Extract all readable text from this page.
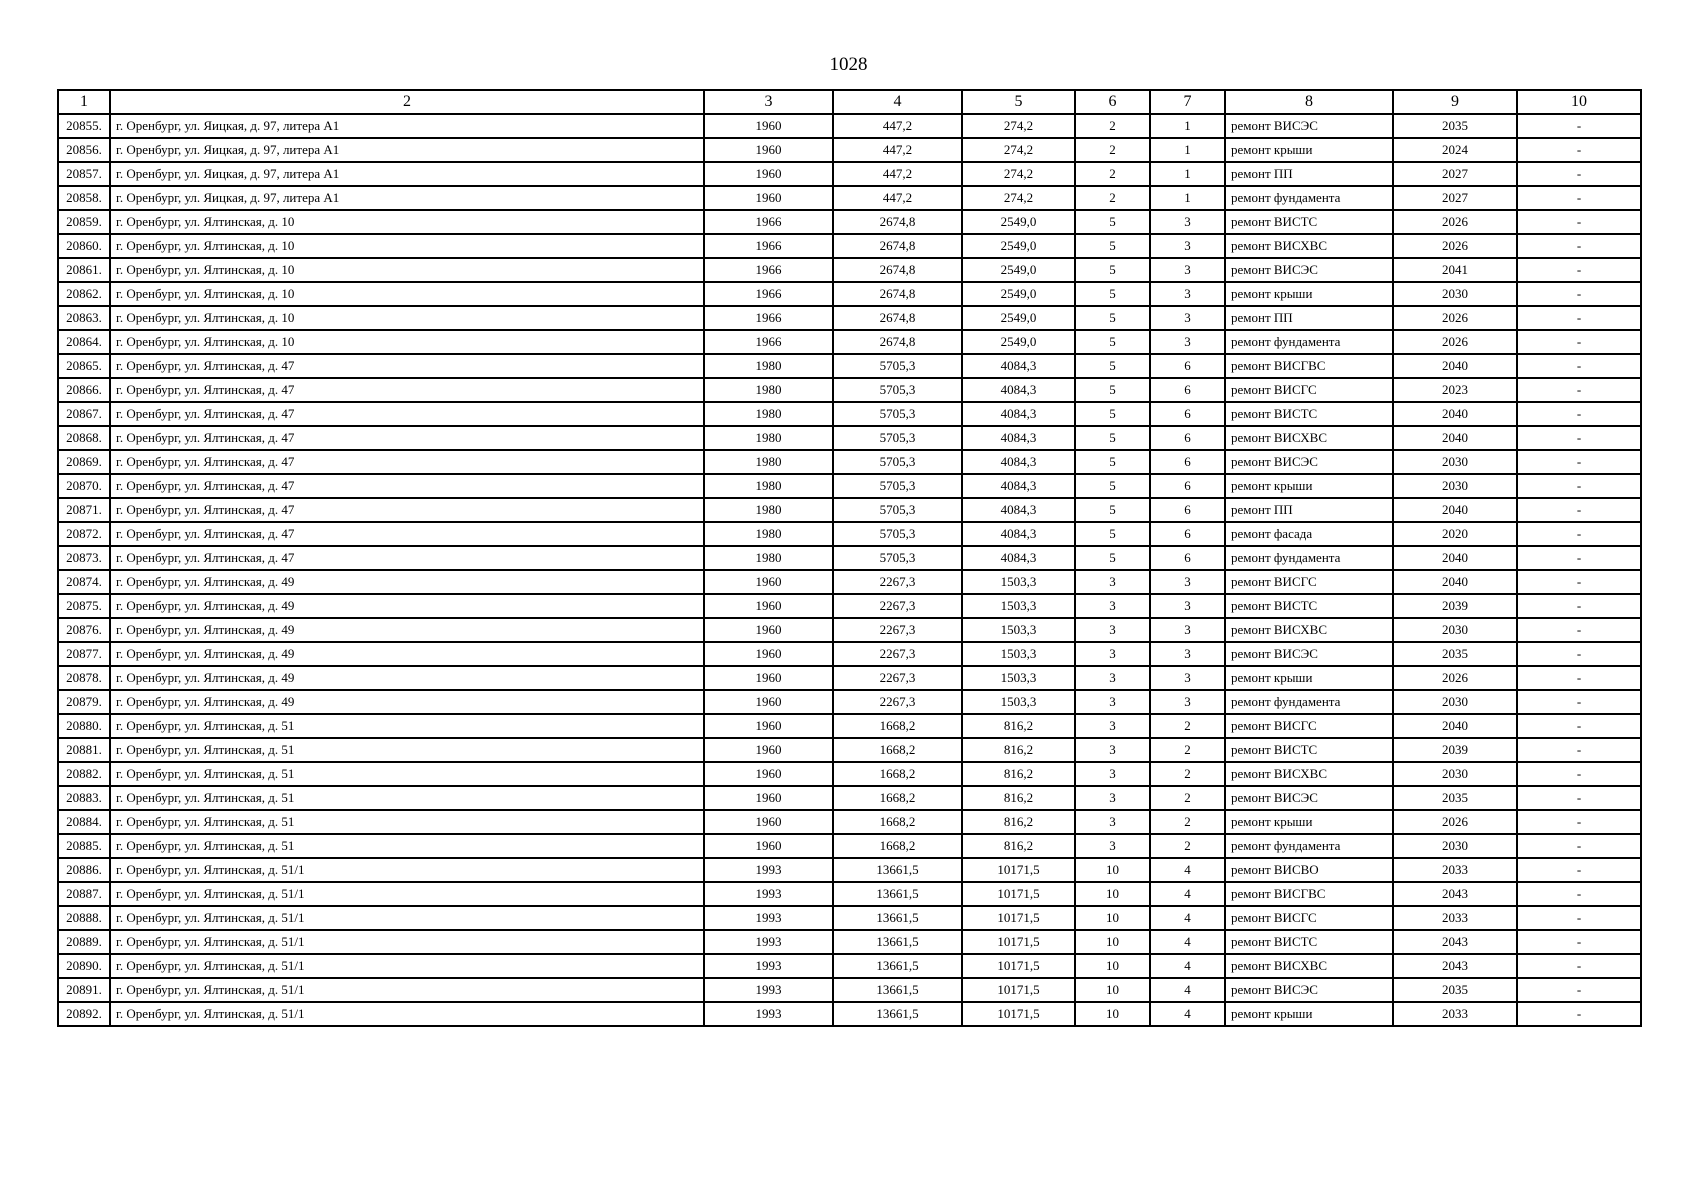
1028
1	2	3	4	5	6	7	8	9	10
20855.	г. Оренбург, ул. Яицкая, д. 97, литера А1	1960	447,2	274,2	2	1	ремонт ВИСЭС	2035	-
20856.	г. Оренбург, ул. Яицкая, д. 97, литера А1	1960	447,2	274,2	2	1	ремонт крыши	2024	-
20857.	г. Оренбург, ул. Яицкая, д. 97, литера А1	1960	447,2	274,2	2	1	ремонт ПП	2027	-
20858.	г. Оренбург, ул. Яицкая, д. 97, литера А1	1960	447,2	274,2	2	1	ремонт фундамента	2027	-
20859.	г. Оренбург, ул. Ялтинская, д. 10	1966	2674,8	2549,0	5	3	ремонт ВИСТС	2026	-
20860.	г. Оренбург, ул. Ялтинская, д. 10	1966	2674,8	2549,0	5	3	ремонт ВИСХВС	2026	-
20861.	г. Оренбург, ул. Ялтинская, д. 10	1966	2674,8	2549,0	5	3	ремонт ВИСЭС	2041	-
20862.	г. Оренбург, ул. Ялтинская, д. 10	1966	2674,8	2549,0	5	3	ремонт крыши	2030	-
20863.	г. Оренбург, ул. Ялтинская, д. 10	1966	2674,8	2549,0	5	3	ремонт ПП	2026	-
20864.	г. Оренбург, ул. Ялтинская, д. 10	1966	2674,8	2549,0	5	3	ремонт фундамента	2026	-
20865.	г. Оренбург, ул. Ялтинская, д. 47	1980	5705,3	4084,3	5	6	ремонт ВИСГВС	2040	-
20866.	г. Оренбург, ул. Ялтинская, д. 47	1980	5705,3	4084,3	5	6	ремонт ВИСГС	2023	-
20867.	г. Оренбург, ул. Ялтинская, д. 47	1980	5705,3	4084,3	5	6	ремонт ВИСТС	2040	-
20868.	г. Оренбург, ул. Ялтинская, д. 47	1980	5705,3	4084,3	5	6	ремонт ВИСХВС	2040	-
20869.	г. Оренбург, ул. Ялтинская, д. 47	1980	5705,3	4084,3	5	6	ремонт ВИСЭС	2030	-
20870.	г. Оренбург, ул. Ялтинская, д. 47	1980	5705,3	4084,3	5	6	ремонт крыши	2030	-
20871.	г. Оренбург, ул. Ялтинская, д. 47	1980	5705,3	4084,3	5	6	ремонт ПП	2040	-
20872.	г. Оренбург, ул. Ялтинская, д. 47	1980	5705,3	4084,3	5	6	ремонт фасада	2020	-
20873.	г. Оренбург, ул. Ялтинская, д. 47	1980	5705,3	4084,3	5	6	ремонт фундамента	2040	-
20874.	г. Оренбург, ул. Ялтинская, д. 49	1960	2267,3	1503,3	3	3	ремонт ВИСГС	2040	-
20875.	г. Оренбург, ул. Ялтинская, д. 49	1960	2267,3	1503,3	3	3	ремонт ВИСТС	2039	-
20876.	г. Оренбург, ул. Ялтинская, д. 49	1960	2267,3	1503,3	3	3	ремонт ВИСХВС	2030	-
20877.	г. Оренбург, ул. Ялтинская, д. 49	1960	2267,3	1503,3	3	3	ремонт ВИСЭС	2035	-
20878.	г. Оренбург, ул. Ялтинская, д. 49	1960	2267,3	1503,3	3	3	ремонт крыши	2026	-
20879.	г. Оренбург, ул. Ялтинская, д. 49	1960	2267,3	1503,3	3	3	ремонт фундамента	2030	-
20880.	г. Оренбург, ул. Ялтинская, д. 51	1960	1668,2	816,2	3	2	ремонт ВИСГС	2040	-
20881.	г. Оренбург, ул. Ялтинская, д. 51	1960	1668,2	816,2	3	2	ремонт ВИСТС	2039	-
20882.	г. Оренбург, ул. Ялтинская, д. 51	1960	1668,2	816,2	3	2	ремонт ВИСХВС	2030	-
20883.	г. Оренбург, ул. Ялтинская, д. 51	1960	1668,2	816,2	3	2	ремонт ВИСЭС	2035	-
20884.	г. Оренбург, ул. Ялтинская, д. 51	1960	1668,2	816,2	3	2	ремонт крыши	2026	-
20885.	г. Оренбург, ул. Ялтинская, д. 51	1960	1668,2	816,2	3	2	ремонт фундамента	2030	-
20886.	г. Оренбург, ул. Ялтинская, д. 51/1	1993	13661,5	10171,5	10	4	ремонт ВИСВО	2033	-
20887.	г. Оренбург, ул. Ялтинская, д. 51/1	1993	13661,5	10171,5	10	4	ремонт ВИСГВС	2043	-
20888.	г. Оренбург, ул. Ялтинская, д. 51/1	1993	13661,5	10171,5	10	4	ремонт ВИСГС	2033	-
20889.	г. Оренбург, ул. Ялтинская, д. 51/1	1993	13661,5	10171,5	10	4	ремонт ВИСТС	2043	-
20890.	г. Оренбург, ул. Ялтинская, д. 51/1	1993	13661,5	10171,5	10	4	ремонт ВИСХВС	2043	-
20891.	г. Оренбург, ул. Ялтинская, д. 51/1	1993	13661,5	10171,5	10	4	ремонт ВИСЭС	2035	-
20892.	г. Оренбург, ул. Ялтинская, д. 51/1	1993	13661,5	10171,5	10	4	ремонт крыши	2033	-
